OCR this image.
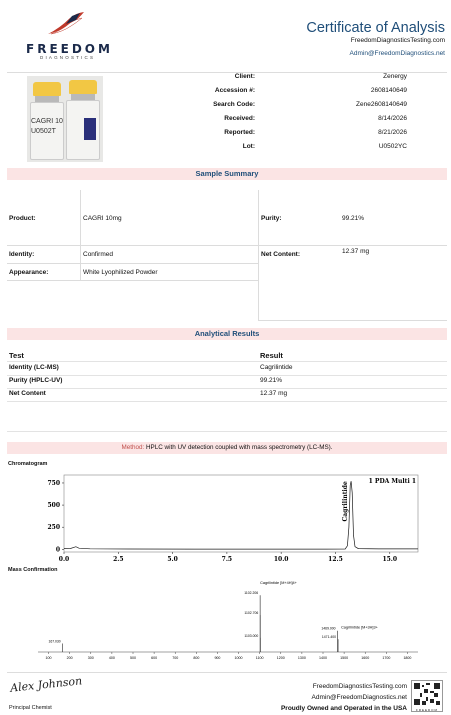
FREEDOM
DIAGNOSTICS
Certificate of Analysis
FreedomDiagnosticsTesting.com
Admin@FreedomDiagnostics.net
CAGRI 10
U0502T
Client:	Zenergy
Accession #:	2608140649
Search Code:	Zene2608140649
Received:	8/14/2026
Reported:	8/21/2026
Lot:	U0502YC
Sample Summary
Product:	CAGRI 10mg	Purity:	99.21%
Identity:	Confirmed	Net Content:	12.37 mg
Appearance:	White Lyophilized Powder
Analytical Results
Test	Result
Identity (LC-MS)	Cagrilintide
Purity (HPLC-UV)	99.21%
Net Content	12.37 mg
Method: HPLC with UV detection coupled with mass spectrometry (LC-MS).
Chromatogram
0.0	2.5	5.0	7.5	10.0	12.5	15.0
0
250
500
750	Cagrilintide	1 PDA Multi 1
Mass Confirmation
100	200	300	400	500	600	700	800	900	1000	1100	1200	1300	1400	1500	1600	1700	1800
167.030
1102.206
1102.706
1103.000
1469.000
1471.400
Cagrilintide [M+4H]4+
Cagrilintide [M+3H]3+
Alex Johnson
Principal Chemist
FreedomDiagnosticsTesting.com
Admin@FreedomDiagnostics.net
Proudly Owned and Operated in the USA	FREEDOM
